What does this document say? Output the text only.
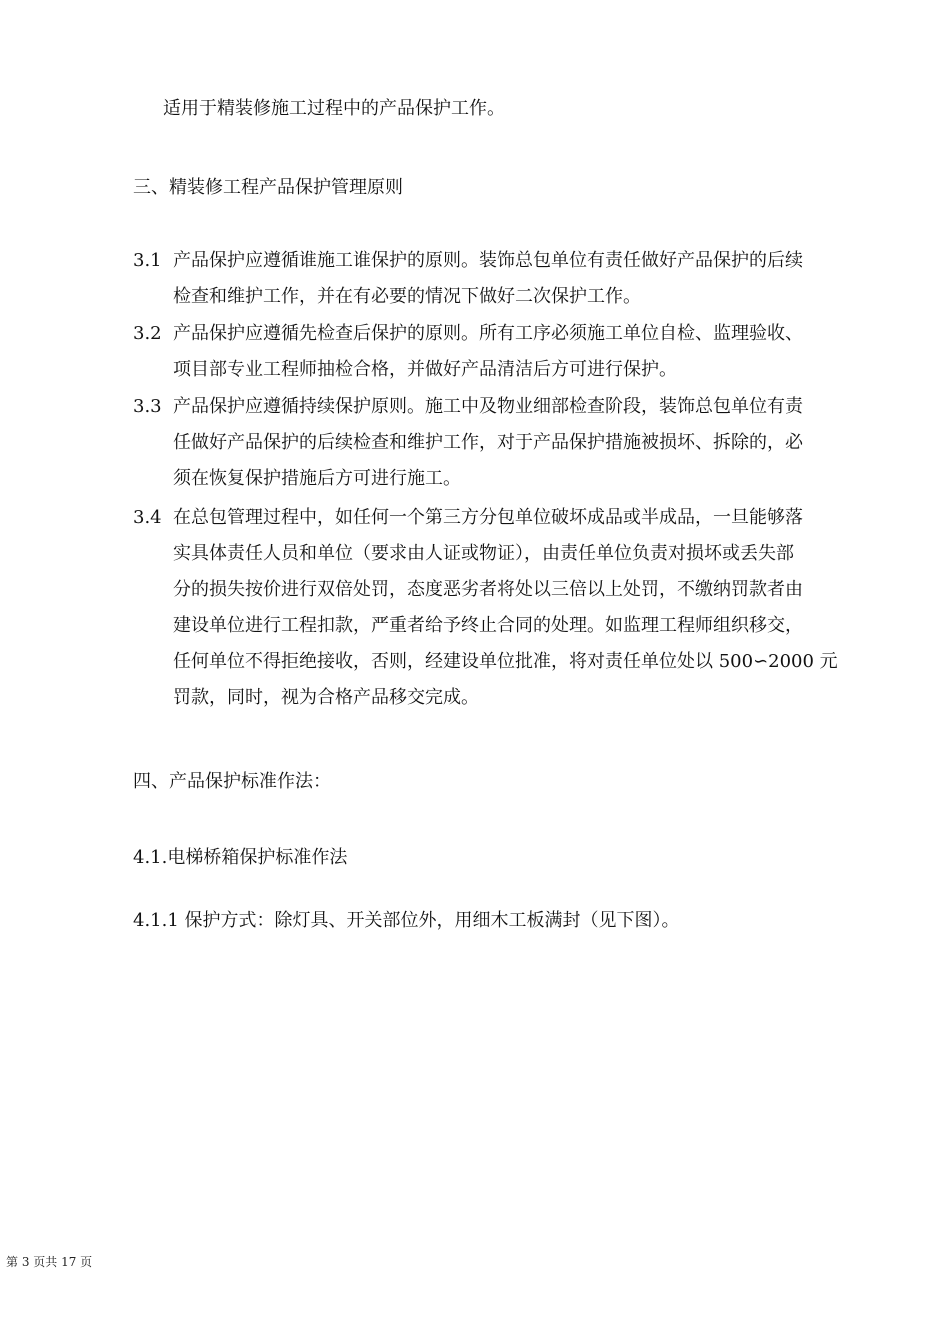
适用于精装修施工过程中的产品保护工作。
三、精装修工程产品保护管理原则
3.1 产品保护应遵循谁施工谁保护的原则。装饰总包单位有责任做好产品保护的后续
检查和维护工作，并在有必要的情况下做好二次保护工作。
3.2 产品保护应遵循先检查后保护的原则。所有工序必须施工单位自检、监理验收、
项目部专业工程师抽检合格，并做好产品清洁后方可进行保护。
3.3 产品保护应遵循持续保护原则。施工中及物业细部检查阶段，装饰总包单位有责
任做好产品保护的后续检查和维护工作，对于产品保护措施被损坏、拆除的，必
须在恢复保护措施后方可进行施工。
3.4 在总包管理过程中，如任何一个第三方分包单位破坏成品或半成品，一旦能够落
实具体责任人员和单位（要求由人证或物证），由责任单位负责对损坏或丢失部
分的损失按价进行双倍处罚，态度恶劣者将处以三倍以上处罚，不缴纳罚款者由
建设单位进行工程扣款，严重者给予终止合同的处理。如监理工程师组织移交，
任何单位不得拒绝接收，否则，经建设单位批准，将对责任单位处以 500∽2000 元
罚款，同时，视为合格产品移交完成。
四、产品保护标准作法：
4.1.电梯桥箱保护标准作法
4.1.1 保护方式：除灯具、开关部位外，用细木工板满封（见下图）。
第 3 页共 17 页
